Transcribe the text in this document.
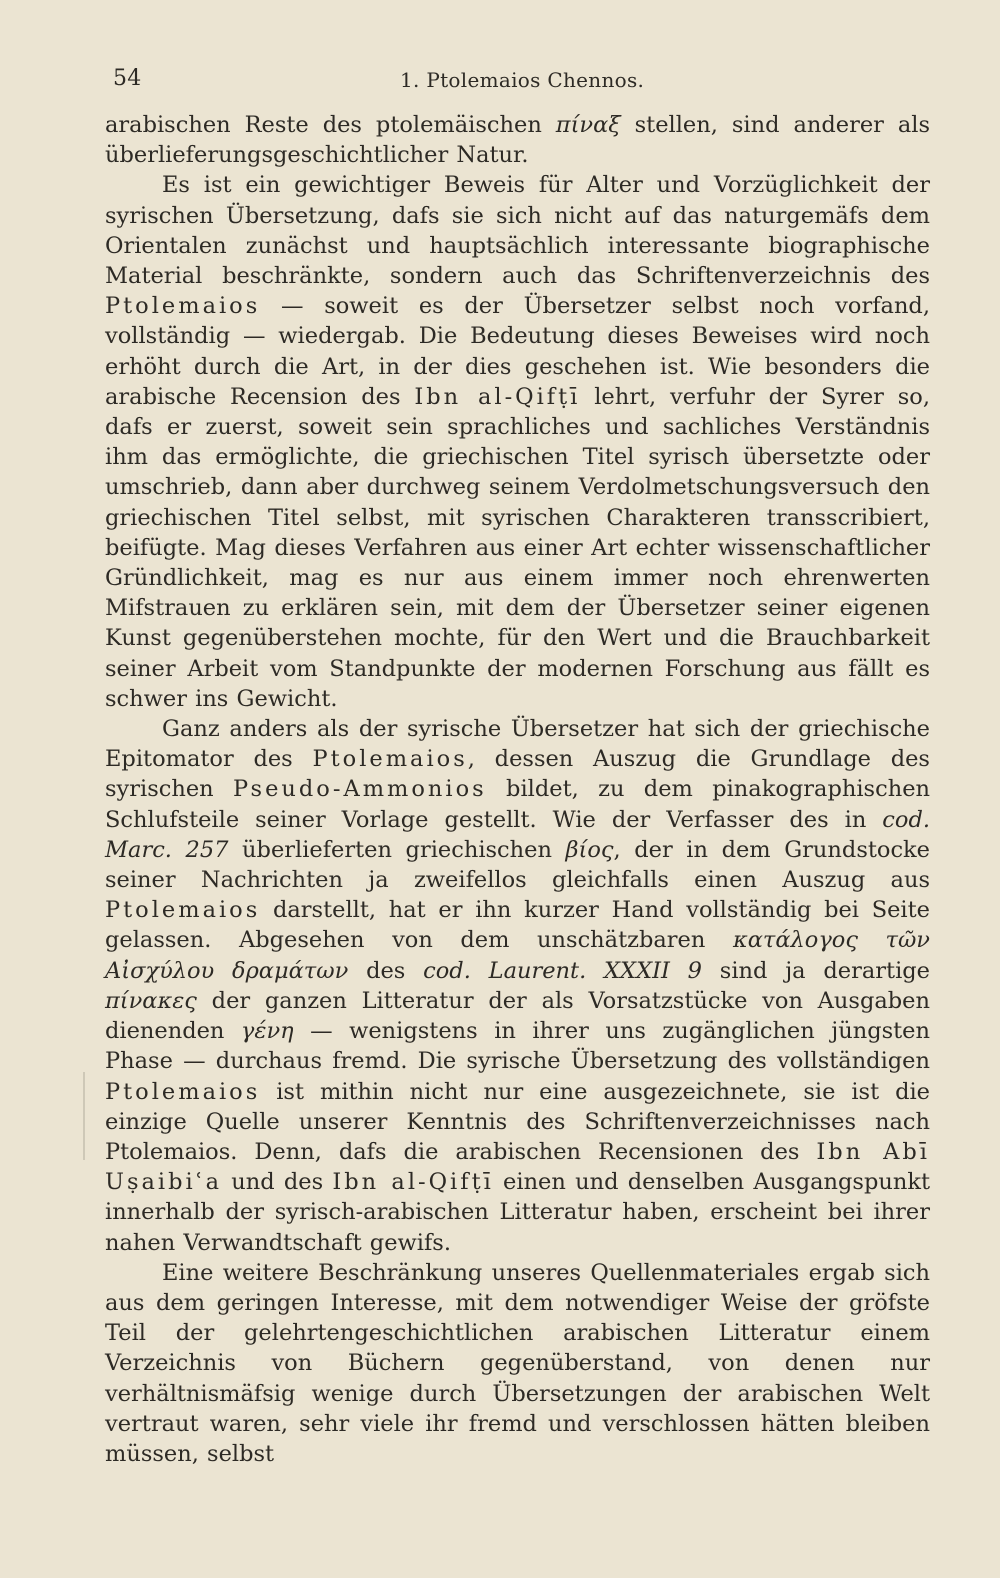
54	1. Ptolemaios Chennos.

arabischen Reste des ptolemäischen πίναξ stellen, sind anderer als überlieferungsgeschichtlicher Natur.

Es ist ein gewichtiger Beweis für Alter und Vorzüglichkeit der syrischen Übersetzung, dafs sie sich nicht auf das naturgemäfs dem Orientalen zunächst und hauptsächlich interessante biographische Material beschränkte, sondern auch das Schriftenverzeichnis des Ptolemaios — soweit es der Übersetzer selbst noch vorfand, vollständig — wiedergab. Die Bedeutung dieses Beweises wird noch erhöht durch die Art, in der dies geschehen ist. Wie besonders die arabische Recension des Ibn al-Qifṭī lehrt, verfuhr der Syrer so, dafs er zuerst, soweit sein sprachliches und sachliches Verständnis ihm das ermöglichte, die griechischen Titel syrisch übersetzte oder umschrieb, dann aber durchweg seinem Verdolmetschungsversuch den griechischen Titel selbst, mit syrischen Charakteren transscribiert, beifügte. Mag dieses Verfahren aus einer Art echter wissenschaftlicher Gründlichkeit, mag es nur aus einem immer noch ehrenwerten Mifstrauen zu erklären sein, mit dem der Übersetzer seiner eigenen Kunst gegenüberstehen mochte, für den Wert und die Brauchbarkeit seiner Arbeit vom Standpunkte der modernen Forschung aus fällt es schwer ins Gewicht.

Ganz anders als der syrische Übersetzer hat sich der griechische Epitomator des Ptolemaios, dessen Auszug die Grundlage des syrischen Pseudo-Ammonios bildet, zu dem pinakographischen Schlufsteile seiner Vorlage gestellt. Wie der Verfasser des in cod. Marc. 257 überlieferten griechischen βίος, der in dem Grundstocke seiner Nachrichten ja zweifellos gleichfalls einen Auszug aus Ptolemaios darstellt, hat er ihn kurzer Hand vollständig bei Seite gelassen. Abgesehen von dem unschätzbaren κατάλογος τῶν Αἰσχύλου δραμάτων des cod. Laurent. XXXII 9 sind ja derartige πίνακες der ganzen Litteratur der als Vorsatzstücke von Ausgaben dienenden γένη — wenigstens in ihrer uns zugänglichen jüngsten Phase — durchaus fremd. Die syrische Übersetzung des vollständigen Ptolemaios ist mithin nicht nur eine ausgezeichnete, sie ist die einzige Quelle unserer Kenntnis des Schriftenverzeichnisses nach Ptolemaios. Denn, dafs die arabischen Recensionen des Ibn Abī Uṣaibiʿa und des Ibn al-Qifṭī einen und denselben Ausgangspunkt innerhalb der syrisch-arabischen Litteratur haben, erscheint bei ihrer nahen Verwandtschaft gewifs.

Eine weitere Beschränkung unseres Quellenmateriales ergab sich aus dem geringen Interesse, mit dem notwendiger Weise der gröfste Teil der gelehrtengeschichtlichen arabischen Litteratur einem Verzeichnis von Büchern gegenüberstand, von denen nur verhältnismäfsig wenige durch Übersetzungen der arabischen Welt vertraut waren, sehr viele ihr fremd und verschlossen hätten bleiben müssen, selbst
